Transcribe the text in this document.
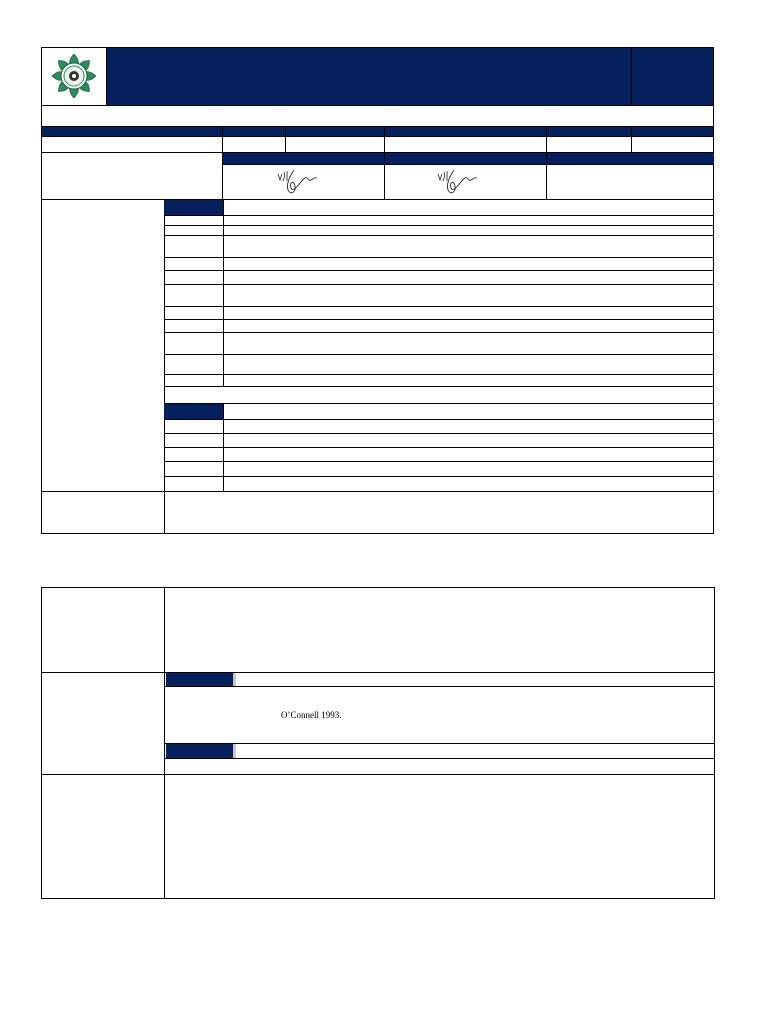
O’Connell 1993.
